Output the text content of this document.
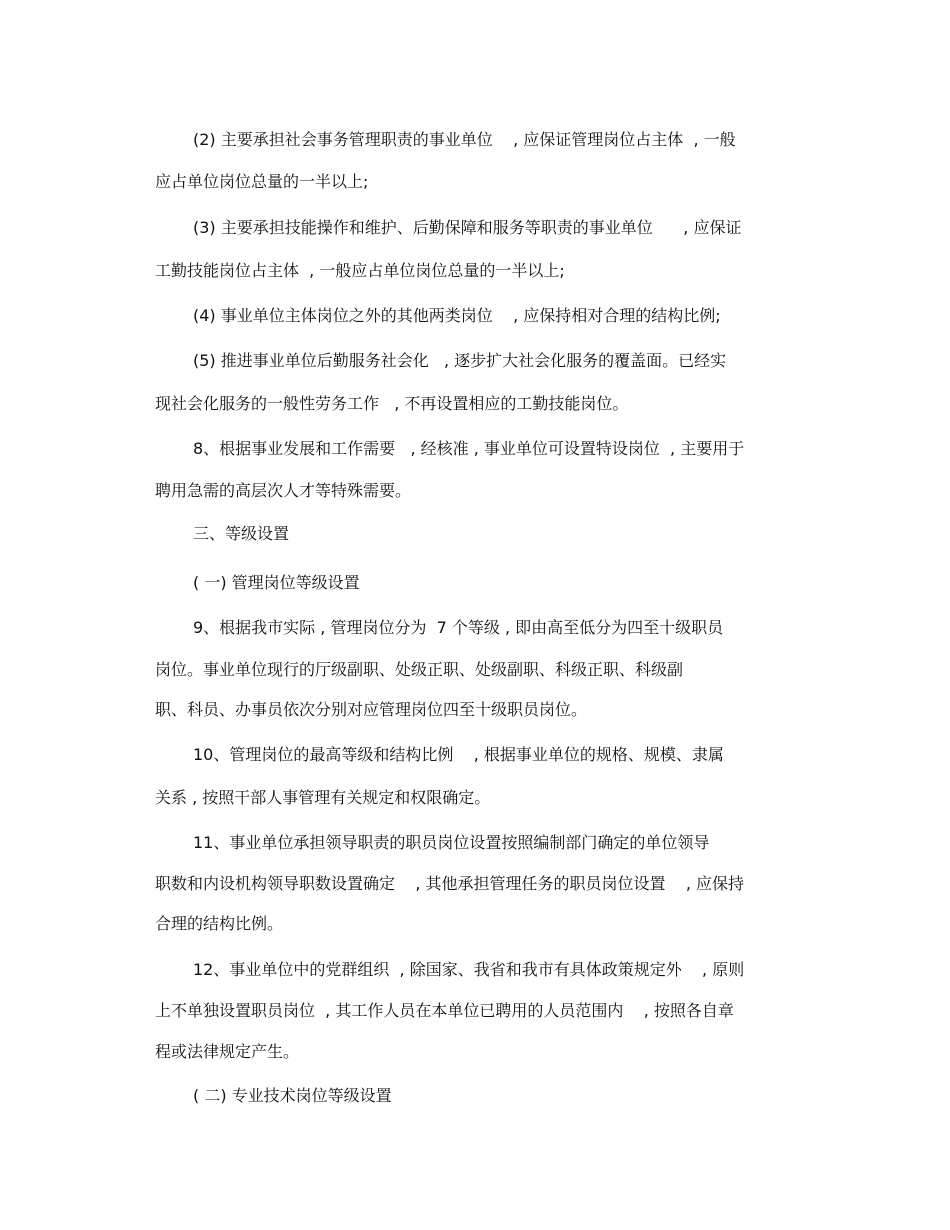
(2) 主要承担社会事务管理职责的事业单位    , 应保证管理岗位占主体  , 一般
应占单位岗位总量的一半以上;
(3) 主要承担技能操作和维护、后勤保障和服务等职责的事业单位      , 应保证
工勤技能岗位占主体  , 一般应占单位岗位总量的一半以上;
(4) 事业单位主体岗位之外的其他两类岗位    , 应保持相对合理的结构比例;
(5) 推进事业单位后勤服务社会化   , 逐步扩大社会化服务的覆盖面。已经实
现社会化服务的一般性劳务工作   , 不再设置相应的工勤技能岗位。
8、根据事业发展和工作需要   , 经核准 , 事业单位可设置特设岗位  , 主要用于
聘用急需的高层次人才等特殊需要。
三、等级设置
( 一) 管理岗位等级设置
9、根据我市实际 , 管理岗位分为  7 个等级 , 即由高至低分为四至十级职员
岗位。事业单位现行的厅级副职、处级正职、处级副职、科级正职、科级副
职、科员、办事员依次分别对应管理岗位四至十级职员岗位。
10、管理岗位的最高等级和结构比例    , 根据事业单位的规格、规模、隶属
关系 , 按照干部人事管理有关规定和权限确定。
11、事业单位承担领导职责的职员岗位设置按照编制部门确定的单位领导
职数和内设机构领导职数设置确定    , 其他承担管理任务的职员岗位设置    , 应保持
合理的结构比例。
12、事业单位中的党群组织  , 除国家、我省和我市有具体政策规定外    , 原则
上不单独设置职员岗位  , 其工作人员在本单位已聘用的人员范围内    , 按照各自章
程或法律规定产生。
( 二) 专业技术岗位等级设置
